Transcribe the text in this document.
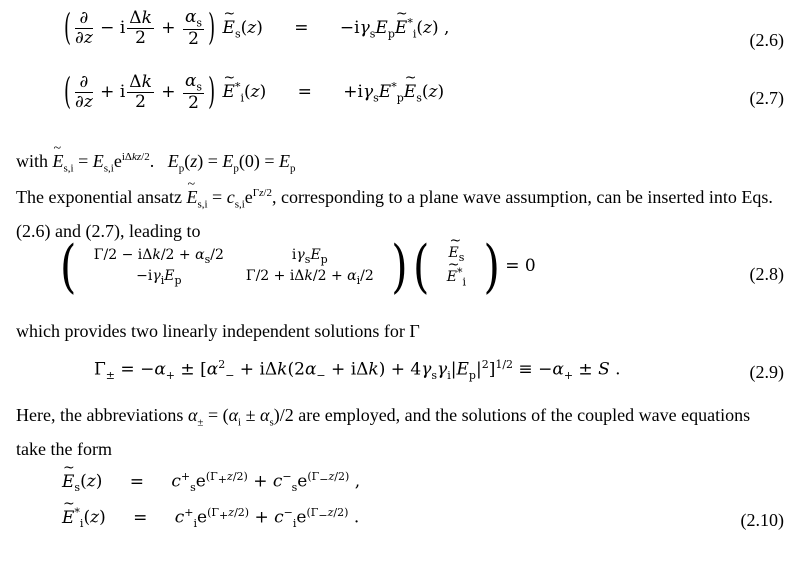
( $\frac{\partial}{\partial z} - i \frac{\Delta k}{2} + \frac{\alpha_s}{2}$ ) ~ $E_s(z)$ = $-i\gamma_sE_p\sim$ $E^*_i(z)$ ,
(2.6)
( $\frac{\partial}{\partial z} + i \frac{\Delta k}{2} + \frac{\alpha_s}{2}$ ) ~ $E^*_i(z)$ = $+i\gamma_sE^*_p\sim$ $E_s(z)$	(2.7)
with ~ $E_{s,i} = E_{s,i}e^{i\Delta kz/2}$.   $E_p(z) = E_p(0) = E_p$
The exponential ansatz ~ $E_{s,i} = c_{s,i}e^{\Gamma z/2}$, corresponding to a plane wave assumption, can be inserted into Eqs. (2.6) and (2.7), leading to
( $\Gamma/2 - i\Delta k/2 + \alpha_s/2$	$i\gamma_sE_p$
$-i\gamma_iE_p$	$\Gamma/2 + i\Delta k/2 + \alpha_i/2$ ) ( ~ $E_s$
~ $E^*_i$ ) = 0	(2.8)
which provides two linearly independent solutions for Γ
$\Gamma_\pm = -\alpha_+ \pm [\alpha^2_- + i\Delta k(2\alpha_- + i\Delta k) + 4\gamma_s\gamma_i|E_p|^2]^{1/2} \equiv -\alpha_+ \pm S$ .	(2.9)
Here, the abbreviations $\alpha_\pm = (\alpha_i \pm \alpha_s)/2$ are employed, and the solutions of the coupled wave equations take the form
~ $E_s(z) = c^+_se^{(\Gamma_+z/2)} + c^-_se^{(\Gamma_-z/2)}$ ,
~ $E^*_i(z) = c^+_ie^{(\Gamma_+z/2)} + c^-_ie^{(\Gamma_-z/2)}$ .	(2.10)
